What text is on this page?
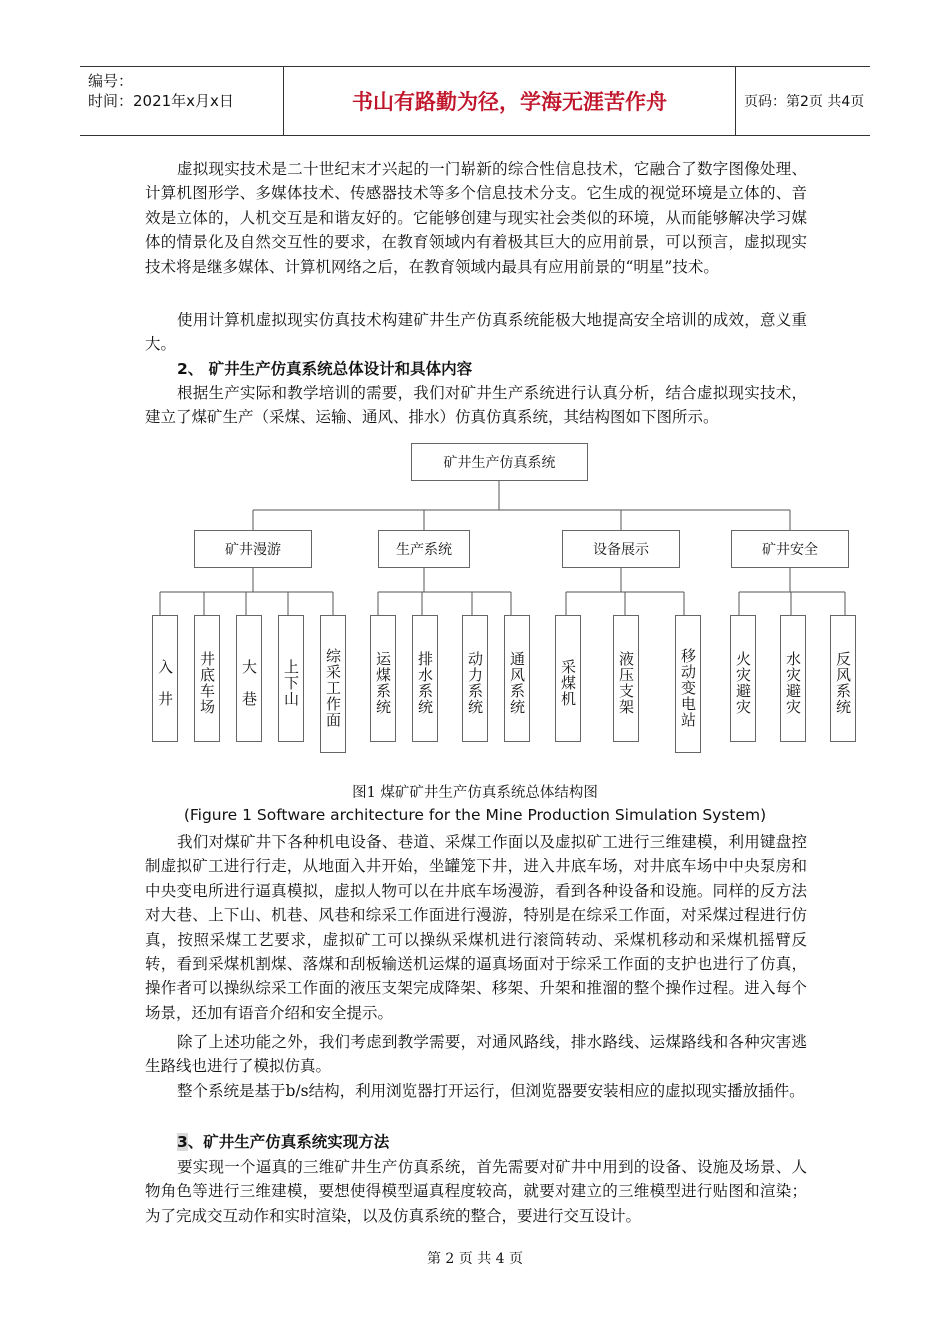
编号：
时间：2021年x月x日	书山有路勤为径，学海无涯苦作舟	页码：第2页 共4页

虚拟现实技术是二十世纪末才兴起的一门崭新的综合性信息技术，它融合了数字图像处理、计算机图形学、多媒体技术、传感器技术等多个信息技术分支。它生成的视觉环境是立体的、音效是立体的，人机交互是和谐友好的。它能够创建与现实社会类似的环境，从而能够解决学习媒体的情景化及自然交互性的要求，在教育领域内有着极其巨大的应用前景，可以预言，虚拟现实技术将是继多媒体、计算机网络之后，在教育领域内最具有应用前景的“明星”技术。

使用计算机虚拟现实仿真技术构建矿井生产仿真系统能极大地提高安全培训的成效，意义重大。

2、 矿井生产仿真系统总体设计和具体内容

根据生产实际和教学培训的需要，我们对矿井生产系统进行认真分析，结合虚拟现实技术，建立了煤矿生产（采煤、运输、通风、排水）仿真仿真系统，其结构图如下图所示。

矿井生产仿真系统
矿井漫游	生产系统	设备展示	矿井安全
入　井 井底车场 大　巷 上下山 综采工作面 运煤系统 排水系统 动力系统 通风系统 采煤机	液压支架	移动变电站 火灾避灾 水灾避灾 反风系统
图1 煤矿矿井生产仿真系统总体结构图
(Figure 1 Software architecture for the Mine Production Simulation System)

我们对煤矿井下各种机电设备、巷道、采煤工作面以及虚拟矿工进行三维建模，利用键盘控制虚拟矿工进行行走，从地面入井开始，坐罐笼下井，进入井底车场，对井底车场中中央泵房和中央变电所进行逼真模拟，虚拟人物可以在井底车场漫游，看到各种设备和设施。同样的反方法对大巷、上下山、机巷、风巷和综采工作面进行漫游，特别是在综采工作面，对采煤过程进行仿真，按照采煤工艺要求，虚拟矿工可以操纵采煤机进行滚筒转动、采煤机移动和采煤机摇臂反转，看到采煤机割煤、落煤和刮板输送机运煤的逼真场面对于综采工作面的支护也进行了仿真，操作者可以操纵综采工作面的液压支架完成降架、移架、升架和推溜的整个操作过程。进入每个场景，还加有语音介绍和安全提示。

除了上述功能之外，我们考虑到教学需要，对通风路线，排水路线、运煤路线和各种灾害逃生路线也进行了模拟仿真。

整个系统是基于b/s结构，利用浏览器打开运行，但浏览器要安装相应的虚拟现实播放插件。

3、矿井生产仿真系统实现方法

要实现一个逼真的三维矿井生产仿真系统，首先需要对矿井中用到的设备、设施及场景、人物角色等进行三维建模，要想使得模型逼真程度较高，就要对建立的三维模型进行贴图和渲染；为了完成交互动作和实时渲染，以及仿真系统的整合，要进行交互设计。

第 2 页 共 4 页
